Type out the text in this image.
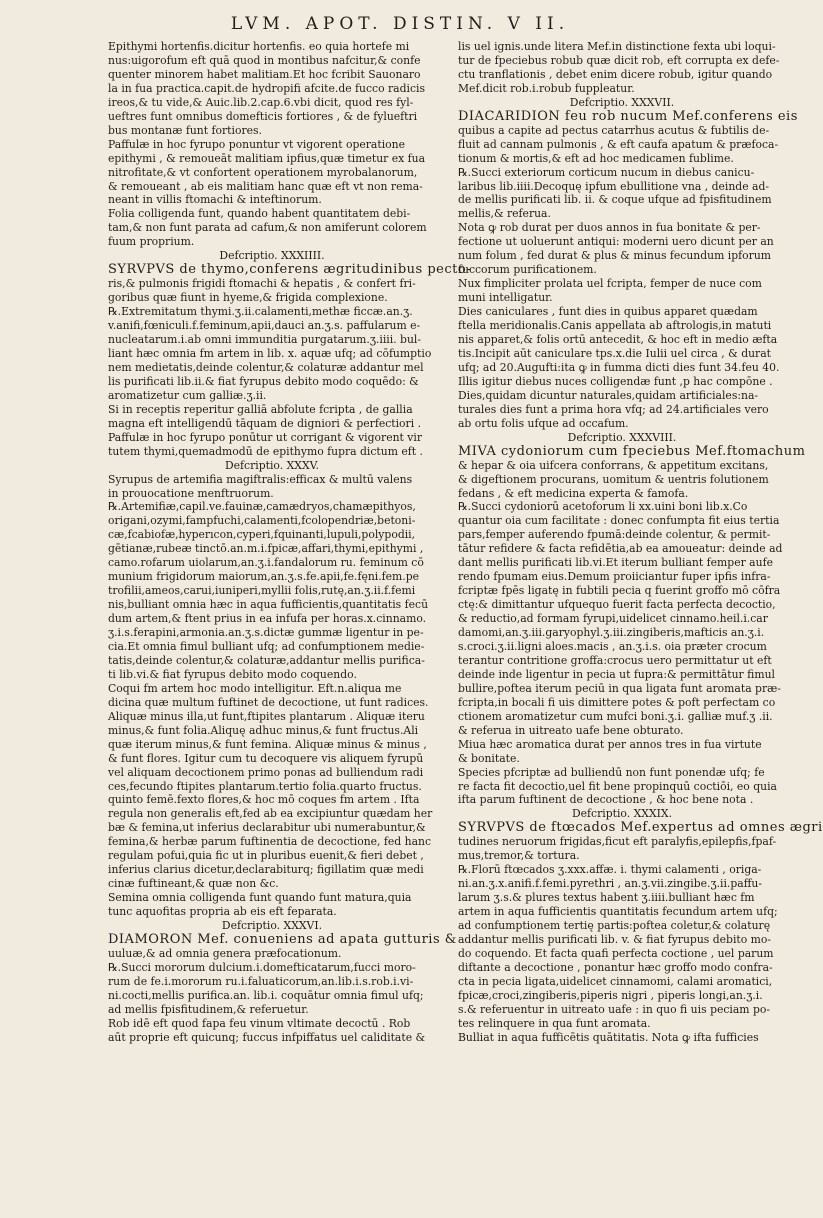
LVM. APOT. DISTIN. V II.
Epithymi hortenfis.dicitur hortenfis. eo quia hortefe mi
nus:uigorofum eft quā quod in montibus nafcitur,& confe
quenter minorem habet malitiam.Et hoc fcribit Sauonaro
la in fua practica.capit.de hydropifi afcite.de fucco radicis
ireos,& tu vide,& Auic.lib.2.cap.6.vbi dicit, quod res fyl-
ueftres funt omnibus domefticis fortiores , & de fylueftri
bus montanæ funt fortiores.
Paffulæ in hoc fyrupo ponuntur vt vigorent operatione
epithymi , & remoueāt malitiam ipfius,quæ timetur ex fua
nitrofitate,& vt confortent operationem myrobalanorum,
& remoueant , ab eis malitiam hanc quæ eft vt non rema-
neant in villis ftomachi & inteftinorum.
Folia colligenda funt, quando habent quantitatem debi-
tam,& non funt parata ad cafum,& non amiferunt colorem
fuum proprium.
Defcriptio. XXXIIII.
SYRVPVS de thymo,conferens ægritudinibus pecto-
ris,& pulmonis frigidi ftomachi & hepatis , & confert fri-
goribus quæ fiunt in hyeme,& frigida complexione.
℞.Extremitatum thymi.ʒ.ii.calamenti,methæ ficcæ.an.ʒ.
v.anifi,fœniculi.f.feminum,apii,dauci an.ʒ.s. paffularum e-
nucleatarum.i.ab omni immunditia purgatarum.ʒ.iiii. bul-
liant hæc omnia fm artem in lib. x. aquæ ufq; ad cōfumptio
nem medietatis,deinde colentur,& colaturæ addantur mel
lis purificati lib.ii.& fiat fyrupus debito modo coquēdo: &
aromatizetur cum galliæ.ʒ.ii.
Si in receptis reperitur galliā abfolute fcripta , de gallia
magna eft intelligendū tāquam de digniori & perfectiori .
Paffulæ in hoc fyrupo ponūtur ut corrigant & vigorent vir
tutem thymi,quemadmodū de epithymo fupra dictum eft .
Defcriptio. XXXV.
Syrupus de artemifia magiftralis:efficax & multū valens
in prouocatione menftruorum.
℞.Artemifiæ,capil.ve.fauinæ,camædryos,chamæpithyos,
origani,ozymi,fampfuchi,calamenti,fcolopendriæ,betoni-
cæ,fcabiofæ,hyperıcon,cyperi,fquinanti,lupuli,polypodii,
gētianæ,rubeæ tinctō.an.m.i.fpicæ,affari,thymi,epithymi ,
camo.rofarum uiolarum,an.ʒ.i.fandalorum ru. feminum cō
munium frigidorum maiorum,an.ʒ.s.fe.apii,fe.fęni.fem.pe
trofilii,ameos,carui,iuniperi,myllii folis,rutę,an.ʒ.ii.f.femi
nis,bulliant omnia hæc in aqua fufficientis,quantitatis fecū
dum artem,& ftent prius in ea infufa per horas.x.cinnamo.
ʒ.i.s.ferapini,armonia.an.ʒ.s.dictæ gummæ ligentur in pe-
cia.Et omnia fimul bulliant ufq; ad confumptionem medie-
tatis,deinde colentur,& colaturæ,addantur mellis purifica-
ti lib.vi.& fiat fyrupus debito modo coquendo.
Coqui fm artem hoc modo intelligitur. Eft.n.aliqua me
dicina quæ multum fuftinet de decoctione, ut funt radices.
Aliquæ minus illa,ut funt,ftipites plantarum . Aliquæ iteru
minus,& funt folia.Aliquę adhuc minus,& funt fructus.Ali
quæ iterum minus,& funt femina. Aliquæ minus & minus ,
& funt flores. Igitur cum tu decoquere vis aliquem fyrupū
vel aliquam decoctionem primo ponas ad bulliendum radi
ces,fecundo ftipites plantarum.tertio folia.quarto fructus.
quinto femē.fexto flores,& hoc mō coques fm artem . Ifta
regula non generalis eft,fed ab ea excipiuntur quædam her
bæ & femina,ut inferius declarabitur ubi numerabuntur,&
femina,& herbæ parum fuftinentia de decoctione, fed hanc
regulam pofui,quia fic ut in pluribus euenit,& fieri debet ,
inferius clarius dicetur,declarabiturq; figillatim quæ medi
cinæ fuftineant,& quæ non &c.
Semina omnia colligenda funt quando funt matura,quia
tunc aquofitas propria ab eis eft feparata.
Defcriptio. XXXVI.
DIAMORON Mef. conueniens ad apata gutturis &
uuluæ,& ad omnia genera præfocationum.
℞.Succi mororum dulcium.i.domefticatarum,fucci moro-
rum de fe.i.mororum ru.i.faluaticorum,an.lib.i.s.rob.i.vi-
ni.cocti,mellis purifica.an. lib.i. coquātur omnia fimul ufq;
ad mellis fpisfitudinem,& referuetur.
Rob idē eft quod fapa feu vinum vltimate decoctū . Rob
aūt proprie eft quicunq; fuccus infpiffatus uel caliditate &
lis uel ignis.unde litera Mef.in distinctione fexta ubi loqui-
tur de fpeciebus robub quæ dicit rob, eft corrupta ex defe-
ctu tranflationis , debet enim dicere robub, igitur quando
Mef.dicit rob.i.robub fuppleatur.
Defcriptio. XXXVII.
DIACARIDION feu rob nucum Mef.conferens eis
quibus a capite ad pectus catarrhus acutus & fubtilis de-
fluit ad cannam pulmonis , & eft caufa apatum & præfoca-
tionum & mortis,& eft ad hoc medicamen fublime.
℞.Succi exteriorum corticum nucum in diebus canicu-
laribus lib.iiii.Decoquę ipfum ebullitione vna , deinde ad-
de mellis purificati lib. ii. & coque ufque ad fpisfitudinem
mellis,& referua.
Nota ꝙ rob durat per duos annos in fua bonitate & per-
fectione ut uoluerunt antiqui: moderni uero dicunt per an
num folum , fed durat & plus & minus fecundum ipforum
fuccorum purificationem.
Nux fimpliciter prolata uel fcripta, femper de nuce com
muni intelligatur.
Dies caniculares , funt dies in quibus apparet quædam
ftella meridionalis.Canis appellata ab aftrologis,in matuti
nis apparet,& folis ortū antecedit, & hoc eft in medio æfta
tis.Incipit aūt caniculare tps.x.die Iulii uel circa , & durat
ufq; ad 20.Augufti:ita ꝙ in fumma dicti dies funt 34.feu 40.
Illis igitur diebus nuces colligendæ funt ,p hac compōne .
Dies,quidam dicuntur naturales,quidam artificiales:na-
turales dies funt a prima hora vfq; ad 24.artificiales vero
ab ortu folis ufque ad occafum.
Defcriptio. XXXVIII.
MIVA cydoniorum cum fpeciebus Mef.ftomachum
& hepar & oia uifcera conforrans, & appetitum excitans,
& digeftionem procurans, uomitum & uentris folutionem
fedans , & eft medicina experta & famofa.
℞.Succi cydoniorū acetoforum li xx.uini boni lib.x.Co
quantur oia cum facilitate : donec confumpta fit eius tertia
pars,femper auferendo fpumā:deinde colentur, & permit-
tātur refidere & facta refidētia,ab ea amoueatur: deinde ad
dant mellis purificati lib.vi.Et iterum bulliant femper aufe
rendo fpumam eius.Demum proiiciantur fuper ipfis infra-
fcriptæ fpēs ligatę in fubtili pecia q fuerint groffo mō cōfra
ctę:& dimittantur ufquequo fuerit facta perfecta decoctio,
& reductio,ad formam fyrupi,uidelicet cinnamo.heil.i.car
damomi,an.ʒ.iii.garyophyl.ʒ.iii.zingiberis,mafticis an.ʒ.i.
s.croci.ʒ.ii.ligni aloes.macis , an.ʒ.i.s. oia præter crocum
terantur contritione groffa:crocus uero permittatur ut eft
deinde inde ligentur in pecia ut fupra:& permittātur fimul
bullire,poftea iterum peciū in qua ligata funt aromata præ-
fcripta,in bocali fi uis dimittere potes & poft perfectam co
ctionem aromatizetur cum mufci boni.ʒ.i. galliæ muf.ʒ .ii.
& referua in uitreato uafe bene obturato.
Miua hæc aromatica durat per annos tres in fua virtute
& bonitate.
Species pfcriptæ ad bulliendū non funt ponendæ ufq; fe
re facta fit decoctio,uel fit bene propinquū coctiōi, eo quia
ifta parum fuftinent de decoctione , & hoc bene nota .
Defcriptio. XXXIX.
SYRVPVS de ftœcados Mef.expertus ad omnes ægri
tudines neruorum frigidas,ficut eft paralyfis,epilepfis,fpaf-
mus,tremor,& tortura.
℞.Florū ftœcados ʒ.xxx.affæ. i. thymi calamenti , origa-
ni.an.ʒ.x.anifi.f.femi.pyrethri , an.ʒ.vii.zingibe.ʒ.ii.paffu-
larum ʒ.s.& plures textus habent ʒ.iiii.bulliant hæc fm
artem in aqua fufficientis quantitatis fecundum artem ufq;
ad confumptionem tertię partis:poftea coletur,& colaturę
addantur mellis purificati lib. v. & fiat fyrupus debito mo-
do coquendo. Et facta quafi perfecta coctione , uel parum
diftante a decoctione , ponantur hæc groffo modo confra-
cta in pecia ligata,uidelicet cinnamomi, calami aromatici,
fpicæ,croci,zingiberis,piperis nigri , piperis longi,an.ʒ.i.
s.& referuentur in uitreato uafe : in quo fi uis peciam po-
tes relinquere in qua funt aromata.
Bulliat in aqua fufficētis quātitatis. Nota ꝙ ifta fufficies
